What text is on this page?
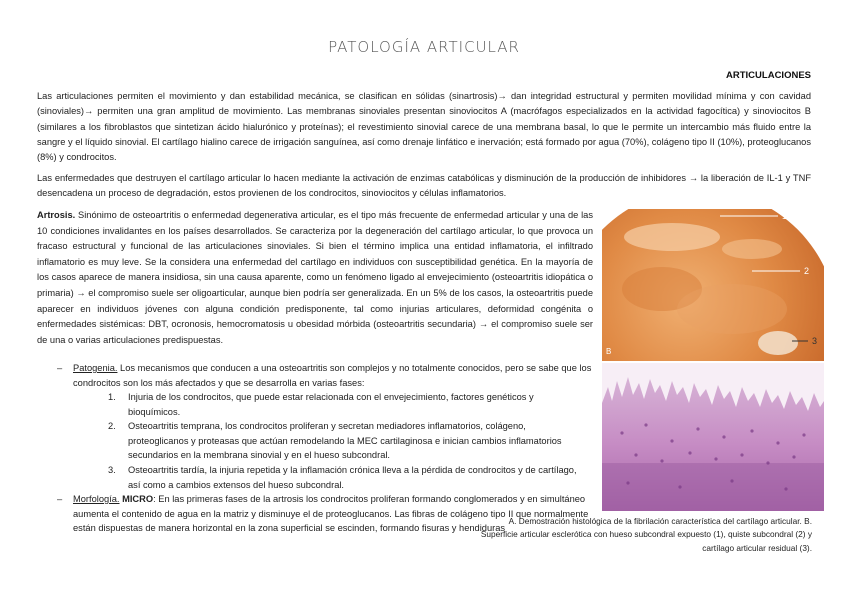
PATOLOGÍA ARTICULAR
ARTICULACIONES

Las articulaciones permiten el movimiento y dan estabilidad mecánica, se clasifican en sólidas (sinartrosis)→ dan integridad estructural y permiten movilidad mínima y con cavidad (sinoviales)→ permiten una gran amplitud de movimiento. Las membranas sinoviales presentan sinoviocitos A (macrófagos especializados en la actividad fagocítica) y sinoviocitos B (similares a los fibroblastos que sintetizan ácido hialurónico y proteínas); el revestimiento sinovial carece de una membrana basal, lo que le permite un intercambio más fluido entre la sangre y el líquido sinovial. El cartílago hialino carece de irrigación sanguínea, así como drenaje linfático e inervación; está formado por agua (70%), colágeno tipo II (10%), proteoglucanos (8%) y condrocitos.

Las enfermedades que destruyen el cartílago articular lo hacen mediante la activación de enzimas catabólicas y disminución de la producción de inhibidores → la liberación de IL-1 y TNF desencadena un proceso de degradación, estos provienen de los condrocitos, sinoviocitos y células inflamatorios.

Artrosis. Sinónimo de osteoartritis o enfermedad degenerativa articular, es el tipo más frecuente de enfermedad articular y una de las 10 condiciones invalidantes en los países desarrollados. Se caracteriza por la degeneración del cartílago articular, lo que provoca un fracaso estructural y funcional de las articulaciones sinoviales. Si bien el término implica una entidad inflamatoria, el infiltrado inflamatorio es muy leve. Se la considera una enfermedad del cartílago en individuos con susceptibilidad genética. En la mayoría de los casos aparece de manera insidiosa, sin una causa aparente, como un fenómeno ligado al envejecimiento (osteoartritis idiopática o primaria) → el compromiso suele ser oligoarticular, aunque bien podría ser generalizada. En un 5% de los casos, la osteoartritis puede aparecer en individuos jóvenes con alguna condición predisponente, tal como injurias articulares, deformidad congénita o enfermedades sistémicas: DBT, ocronosis, hemocromatosis u obesidad mórbida (osteoartritis secundaria) → el compromiso suele ser de una o varias articulaciones predispuestas.

–	Patogenia. Los mecanismos que conducen a una osteoartritis son complejos y no totalmente conocidos, pero se sabe que los condrocitos son los más afectados y que se desarrolla en varias fases:
1. Injuria de los condrocitos, que puede estar relacionada con el envejecimiento, factores genéticos y bioquímicos.
2. Osteoartritis temprana, los condrocitos proliferan y secretan mediadores inflamatorios, colágeno, proteoglicanos y proteasas que actúan remodelando la MEC cartilaginosa e inician cambios inflamatorios secundarios en la membrana sinovial y en el hueso subcondral.
3. Osteoartritis tardía, la injuria repetida y la inflamación crónica lleva a la pérdida de condrocitos y de cartílago, así como a cambios extensos del hueso subcondral.
–	Morfología. MICRO: En las primeras fases de la artrosis los condrocitos proliferan formando conglomerados y en simultáneo aumenta el contenido de agua en la matriz y disminuye el de proteoglucanos. Las fibras de colágeno tipo II que normalmente están dispuestas de manera horizontal en la zona superficial se escinden, formando fisuras y hendiduras
1
2
3
B

A. Demostración histológica de la fibrilación característica del cartílago articular. B. Superficie articular esclerótica con hueso subcondral expuesto (1), quiste subcondral (2) y cartílago articular residual (3).
